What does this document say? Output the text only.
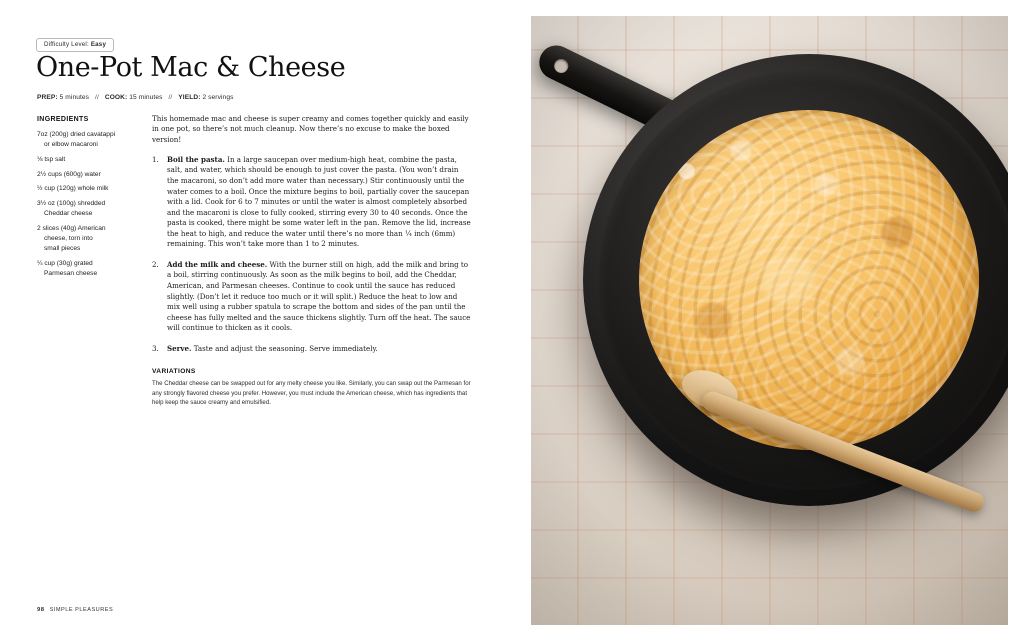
Difficulty Level: Easy
One-Pot Mac & Cheese
PREP: 5 minutes // COOK: 15 minutes // YIELD: 2 servings
INGREDIENTS
7oz (200g) dried cavatappi
or elbow macaroni
⅛ tsp salt
2½ cups (600g) water
½ cup (120g) whole milk
3½ oz (100g) shredded
Cheddar cheese
2 slices (40g) American
cheese, torn into
small pieces
¼ cup (30g) grated
Parmesan cheese

This homemade mac and cheese is super creamy and comes together quickly and easily in one pot, so there’s not much cleanup. Now there’s no excuse to make the boxed version!

1.	Boil the pasta. In a large saucepan over medium-high heat, combine the pasta, salt, and water, which should be enough to just cover the pasta. (You won’t drain the macaroni, so don’t add more water than necessary.) Stir continuously until the water comes to a boil. Once the mixture begins to boil, partially cover the saucepan with a lid. Cook for 6 to 7 minutes or until the water is almost completely absorbed and the macaroni is close to fully cooked, stirring every 30 to 40 seconds. Once the pasta is cooked, there might be some water left in the pan. Remove the lid, increase the heat to high, and reduce the water until there’s no more than ¼ inch (6mm) remaining. This won’t take more than 1 to 2 minutes.
2.	Add the milk and cheese. With the burner still on high, add the milk and bring to a boil, stirring continuously. As soon as the milk begins to boil, add the Cheddar, American, and Parmesan cheeses. Continue to cook until the sauce has reduced slightly. (Don’t let it reduce too much or it will split.) Reduce the heat to low and mix well using a rubber spatula to scrape the bottom and sides of the pan until the cheese has fully melted and the sauce thickens slightly. Turn off the heat. The sauce will continue to thicken as it cools.
3.	Serve. Taste and adjust the seasoning. Serve immediately.
VARIATIONS
The Cheddar cheese can be swapped out for any melty cheese you like. Similarly, you can swap out the Parmesan for any strongly flavored cheese you prefer. However, you must include the American cheese, which has ingredients that help keep the sauce creamy and emulsified.
98 SIMPLE PLEASURES
